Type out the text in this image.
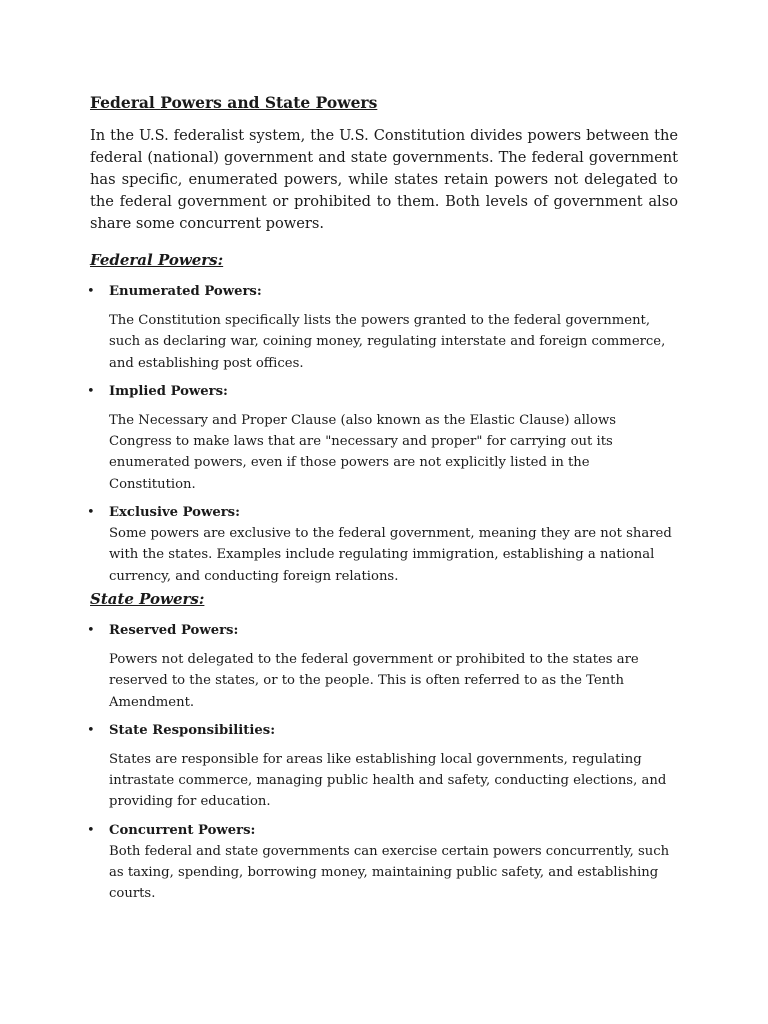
Federal Powers and State Powers

In the U.S. federalist system, the U.S. Constitution divides powers between the federal (national) government and state governments. The federal government has specific, enumerated powers, while states retain powers not delegated to the federal government or prohibited to them. Both levels of government also share some concurrent powers.

Federal Powers:
• Enumerated Powers:

The Constitution specifically lists the powers granted to the federal government, such as declaring war, coining money, regulating interstate and foreign commerce, and establishing post offices.

• Implied Powers:

The Necessary and Proper Clause (also known as the Elastic Clause) allows Congress to make laws that are "necessary and proper" for carrying out its enumerated powers, even if those powers are not explicitly listed in the Constitution.

• Exclusive Powers:

Some powers are exclusive to the federal government, meaning they are not shared with the states. Examples include regulating immigration, establishing a national currency, and conducting foreign relations.

State Powers:
• Reserved Powers:

Powers not delegated to the federal government or prohibited to the states are reserved to the states, or to the people. This is often referred to as the Tenth Amendment.

• State Responsibilities:

States are responsible for areas like establishing local governments, regulating intrastate commerce, managing public health and safety, conducting elections, and providing for education.

• Concurrent Powers:

Both federal and state governments can exercise certain powers concurrently, such as taxing, spending, borrowing money, maintaining public safety, and establishing courts.
